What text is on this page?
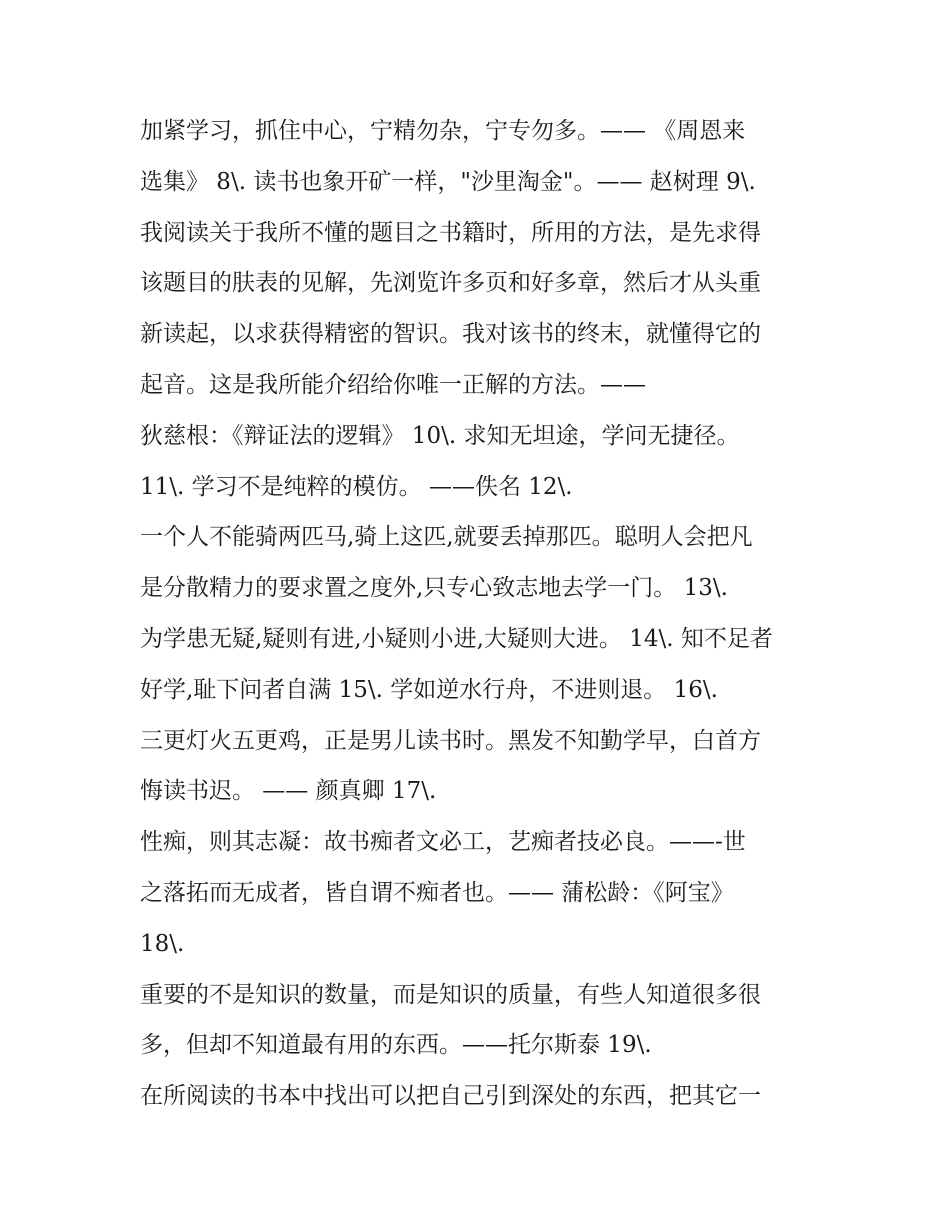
加紧学习，抓住中心，宁精勿杂，宁专勿多。—— 《周恩来
选集》 8\. 读书也象开矿一样，"沙里淘金"。—— 赵树理 9\.
我阅读关于我所不懂的题目之书籍时，所用的方法，是先求得
该题目的肤表的见解，先浏览许多页和好多章，然后才从头重
新读起，以求获得精密的智识。我对该书的终末，就懂得它的
起音。这是我所能介绍给你唯一正解的方法。——
狄慈根：《辩证法的逻辑》 10\. 求知无坦途，学问无捷径。
11\. 学习不是纯粹的模仿。 ——佚名 12\.
一个人不能骑两匹马,骑上这匹,就要丢掉那匹。聪明人会把凡
是分散精力的要求置之度外,只专心致志地去学一门。 13\.
为学患无疑,疑则有进,小疑则小进,大疑则大进。 14\. 知不足者
好学,耻下问者自满 15\. 学如逆水行舟，不进则退。 16\.
三更灯火五更鸡，正是男儿读书时。黑发不知勤学早，白首方
悔读书迟。 —— 颜真卿 17\.
性痴，则其志凝：故书痴者文必工，艺痴者技必良。——-世
之落拓而无成者，皆自谓不痴者也。—— 蒲松龄：《阿宝》
18\.
重要的不是知识的数量，而是知识的质量，有些人知道很多很
多，但却不知道最有用的东西。——托尔斯泰 19\.
在所阅读的书本中找出可以把自己引到深处的东西，把其它一
